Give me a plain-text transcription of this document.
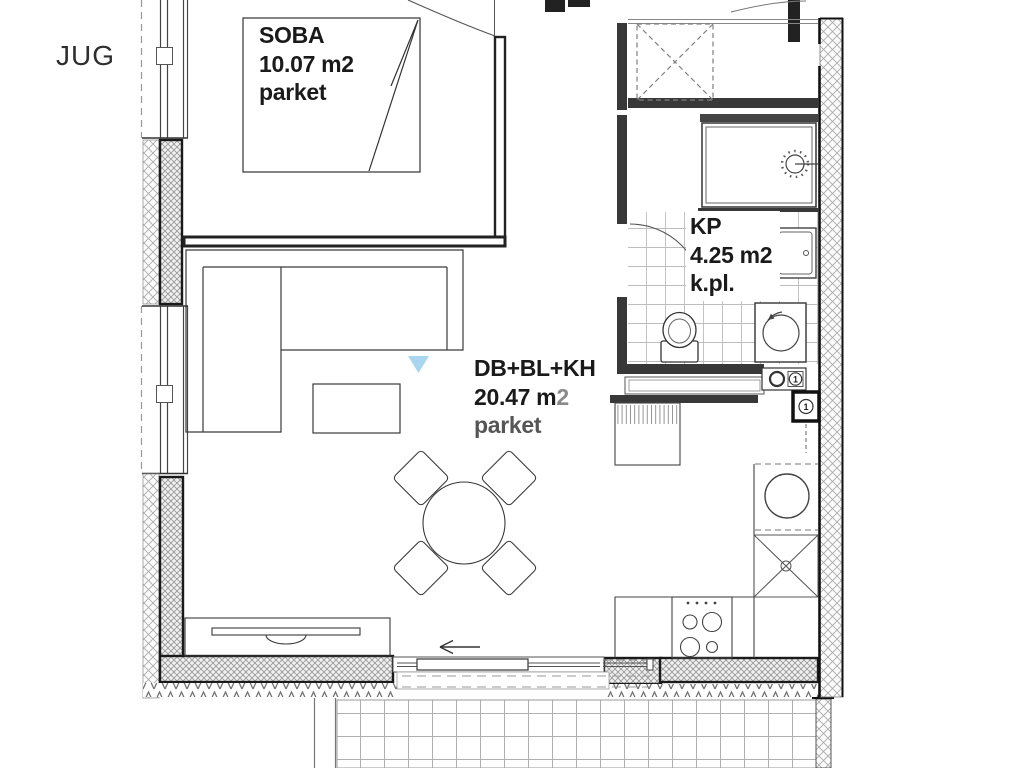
1
1
JUG
SOBA
10.07 m2
parket
KP
4.25 m2
k.pl.
DB+BL+KH
20.47 m2
parket
